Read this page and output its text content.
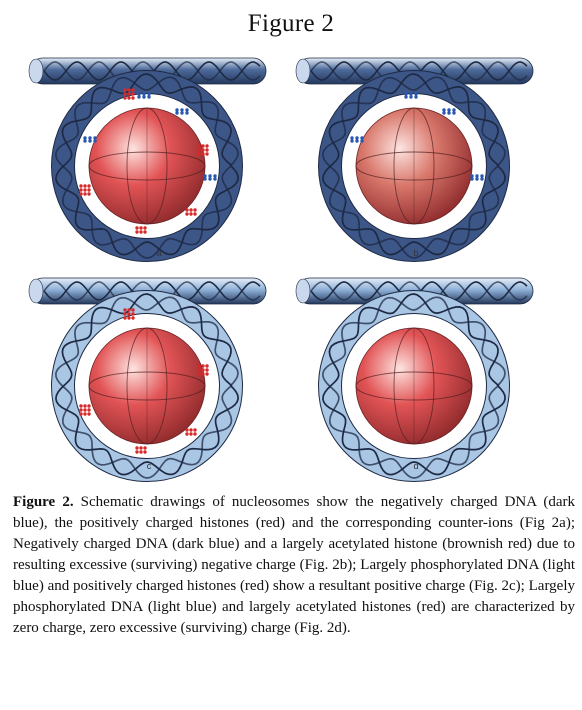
Figure 2
a	b
c	d
Figure 2. Schematic drawings of nucleosomes show the negatively charged DNA (dark blue), the positively charged histones (red) and the corresponding counter-ions (Fig 2a); Negatively charged DNA (dark blue) and a largely acetylated histone (brownish red) due to resulting excessive (surviving) negative charge (Fig. 2b); Largely phosphorylated DNA (light blue) and positively charged histones (red) show a resultant positive charge (Fig. 2c); Largely phosphorylated DNA (light blue) and largely acetylated histones (red) are characterized by zero charge, zero excessive (surviving) charge (Fig. 2d).
